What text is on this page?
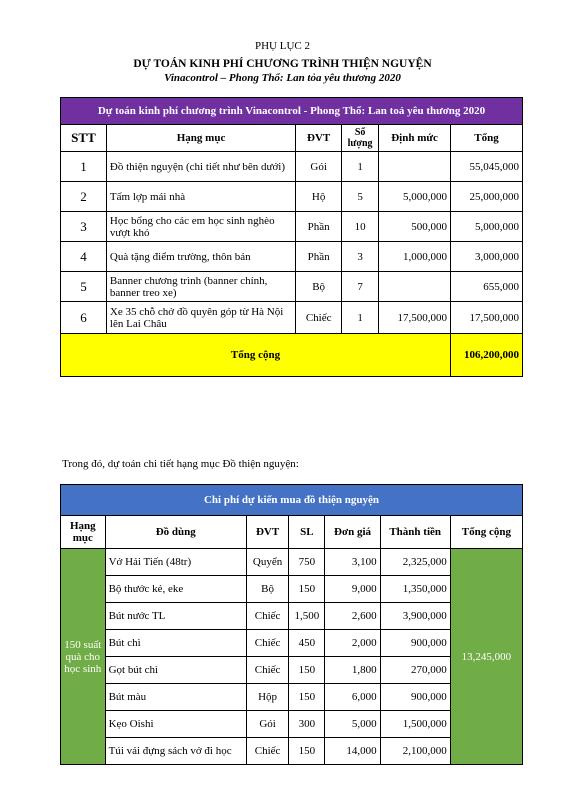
PHỤ LỤC 2
DỰ TOÁN KINH PHÍ CHƯƠNG TRÌNH THIỆN NGUYỆN
Vinacontrol – Phong Thổ: Lan tỏa yêu thương 2020
Dự toán kinh phí chương trình Vinacontrol - Phong Thổ: Lan toả yêu thương 2020					
STT	Hạng mục	ĐVT	Số lượng	Định mức	Tổng
1	Đồ thiện nguyện (chi tiết như bên dưới)	Gói	1		55,045,000
2	Tấm lợp mái nhà	Hộ	5	5,000,000	25,000,000
3	Học bổng cho các em học sinh nghèo vượt khó	Phần	10	500,000	5,000,000
4	Quà tặng điểm trường, thôn bản	Phần	3	1,000,000	3,000,000
5	Banner chương trình (banner chính, banner treo xe)	Bộ	7		655,000
6	Xe 35 chỗ chở đồ quyên góp từ Hà Nội lên Lai Châu	Chiếc	1	17,500,000	17,500,000
Tổng cộng					106,200,000
Trong đó, dự toán chi tiết hạng mục Đồ thiện nguyện:
Chi phí dự kiến mua đồ thiện nguyện						
Hạng mục	Đồ dùng	ĐVT	SL	Đơn giá	Thành tiền	Tổng cộng
150 suất quà cho học sinh	Vở Hải Tiến (48tr)	Quyển	750	3,100	2,325,000	13,245,000
	Bộ thước kẻ, eke	Bộ	150	9,000	1,350,000	
	Bút nước TL	Chiếc	1,500	2,600	3,900,000	
	Bút chì	Chiếc	450	2,000	900,000	
	Gọt bút chì	Chiếc	150	1,800	270,000	
	Bút màu	Hộp	150	6,000	900,000	
	Kẹo Oishi	Gói	300	5,000	1,500,000	
	Túi vải đựng sách vở đi học	Chiếc	150	14,000	2,100,000	
